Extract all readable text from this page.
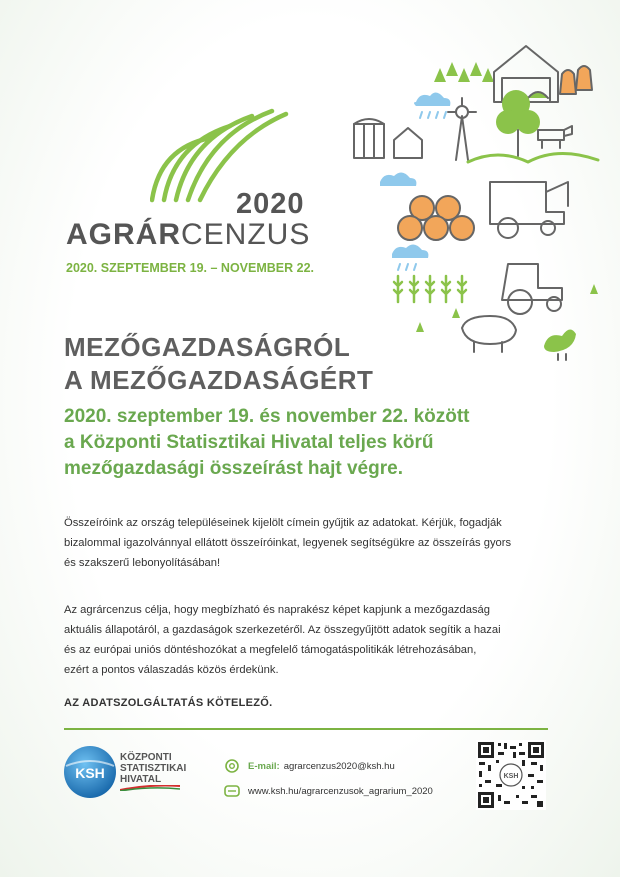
2020
AGRÁRCENZUS
2020. SZEPTEMBER 19. – NOVEMBER 22.
MEZŐGAZDASÁGRÓL
A MEZŐGAZDASÁGÉRT
2020. szeptember 19. és november 22. között
a Központi Statisztikai Hivatal teljes körű
mezőgazdasági összeírást hajt végre.
Összeíróink az ország településeinek kijelölt címein gyűjtik az adatokat. Kérjük, fogadják
bizalommal igazolvánnyal ellátott összeíróinkat, legyenek segítségükre az összeírás gyors
és szakszerű lebonyolításában!
Az agrárcenzus célja, hogy megbízható és naprakész képet kapjunk a mezőgazdaság
aktuális állapotáról, a gazdaságok szerkezetéről. Az összegyűjtött adatok segítik a hazai
és az európai uniós döntéshozókat a megfelelő támogatáspolitikák létrehozásában,
ezért a pontos válaszadás közös érdekünk.
AZ ADATSZOLGÁLTATÁS KÖTELEZŐ.
KSH
KÖZPONTI
STATISZTIKAI
HIVATAL
E-mail: agrarcenzus2020@ksh.hu
www.ksh.hu/agrarcenzusok_agrarium_2020
KSH
